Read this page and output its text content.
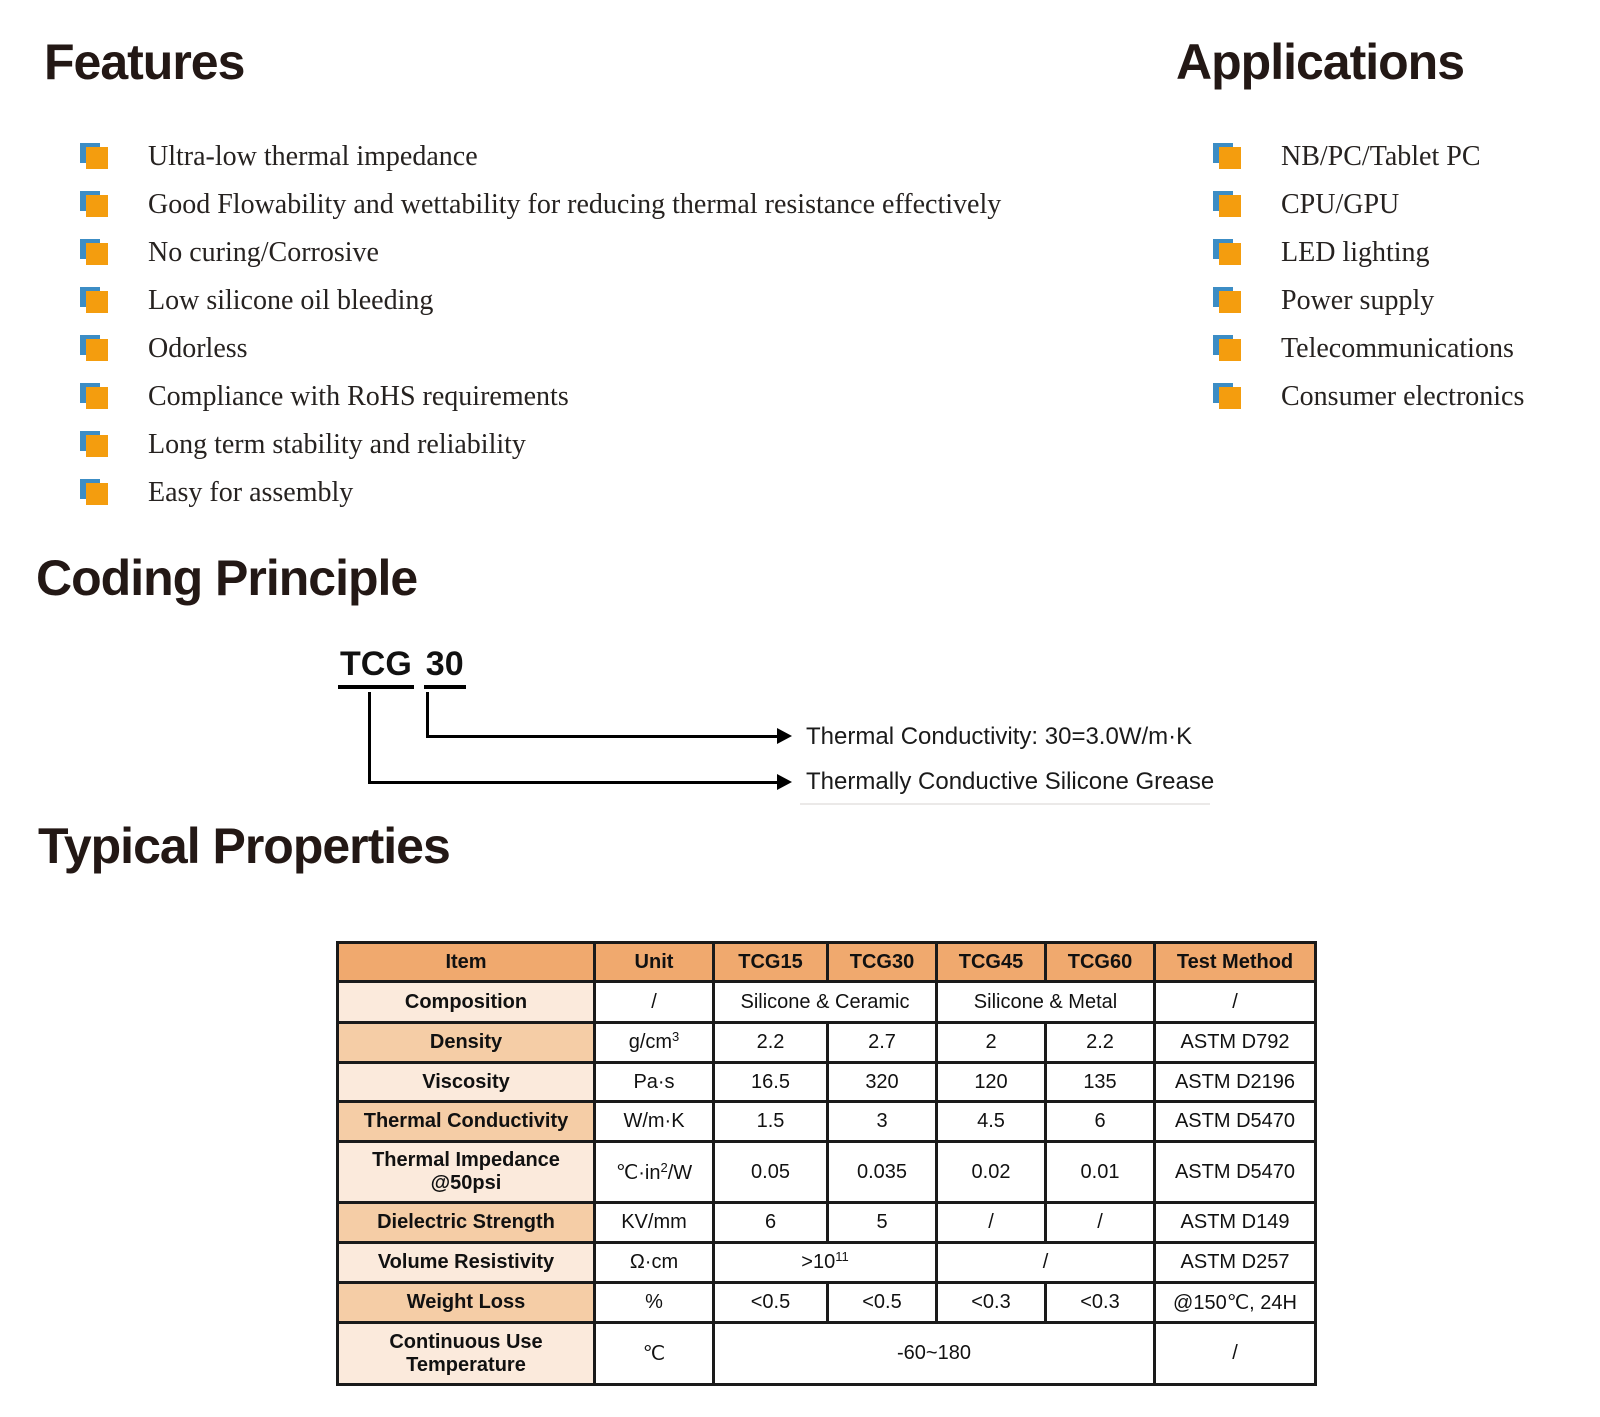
Features
Ultra-low thermal impedance
Good Flowability and wettability for reducing thermal resistance effectively
No curing/Corrosive
Low silicone oil bleeding
Odorless
Compliance with RoHS requirements
Long term stability and reliability
Easy for assembly
Applications
NB/PC/Tablet PC
CPU/GPU
LED lighting
Power supply
Telecommunications
Consumer electronics
Coding Principle
TCG 30
Thermal Conductivity: 30=3.0W/m·K
Thermally Conductive Silicone Grease
Typical Properties
Item	Unit	TCG15	TCG30	TCG45	TCG60	Test Method
Composition	/	Silicone & Ceramic		Silicone & Metal		/
Density	$g/cm^3$	2.2	2.7	2	2.2	ASTM D792
Viscosity	Pa·s	16.5	320	120	135	ASTM D2196
Thermal Conductivity	W/m·K	1.5	3	4.5	6	ASTM D5470

Thermal Impedance
@50psi	$℃\cdot in^2/W$	0.05	0.035	0.02	0.01	ASTM D5470
Dielectric Strength	KV/mm	6	5	/	/	ASTM D149
Volume Resistivity	Ω·cm	$>10^{11}$		/		ASTM D257
Weight Loss	%	<0.5	<0.5	<0.3	<0.3	@150℃, 24H

Continuous Use
Temperature	℃	-60~180				/
